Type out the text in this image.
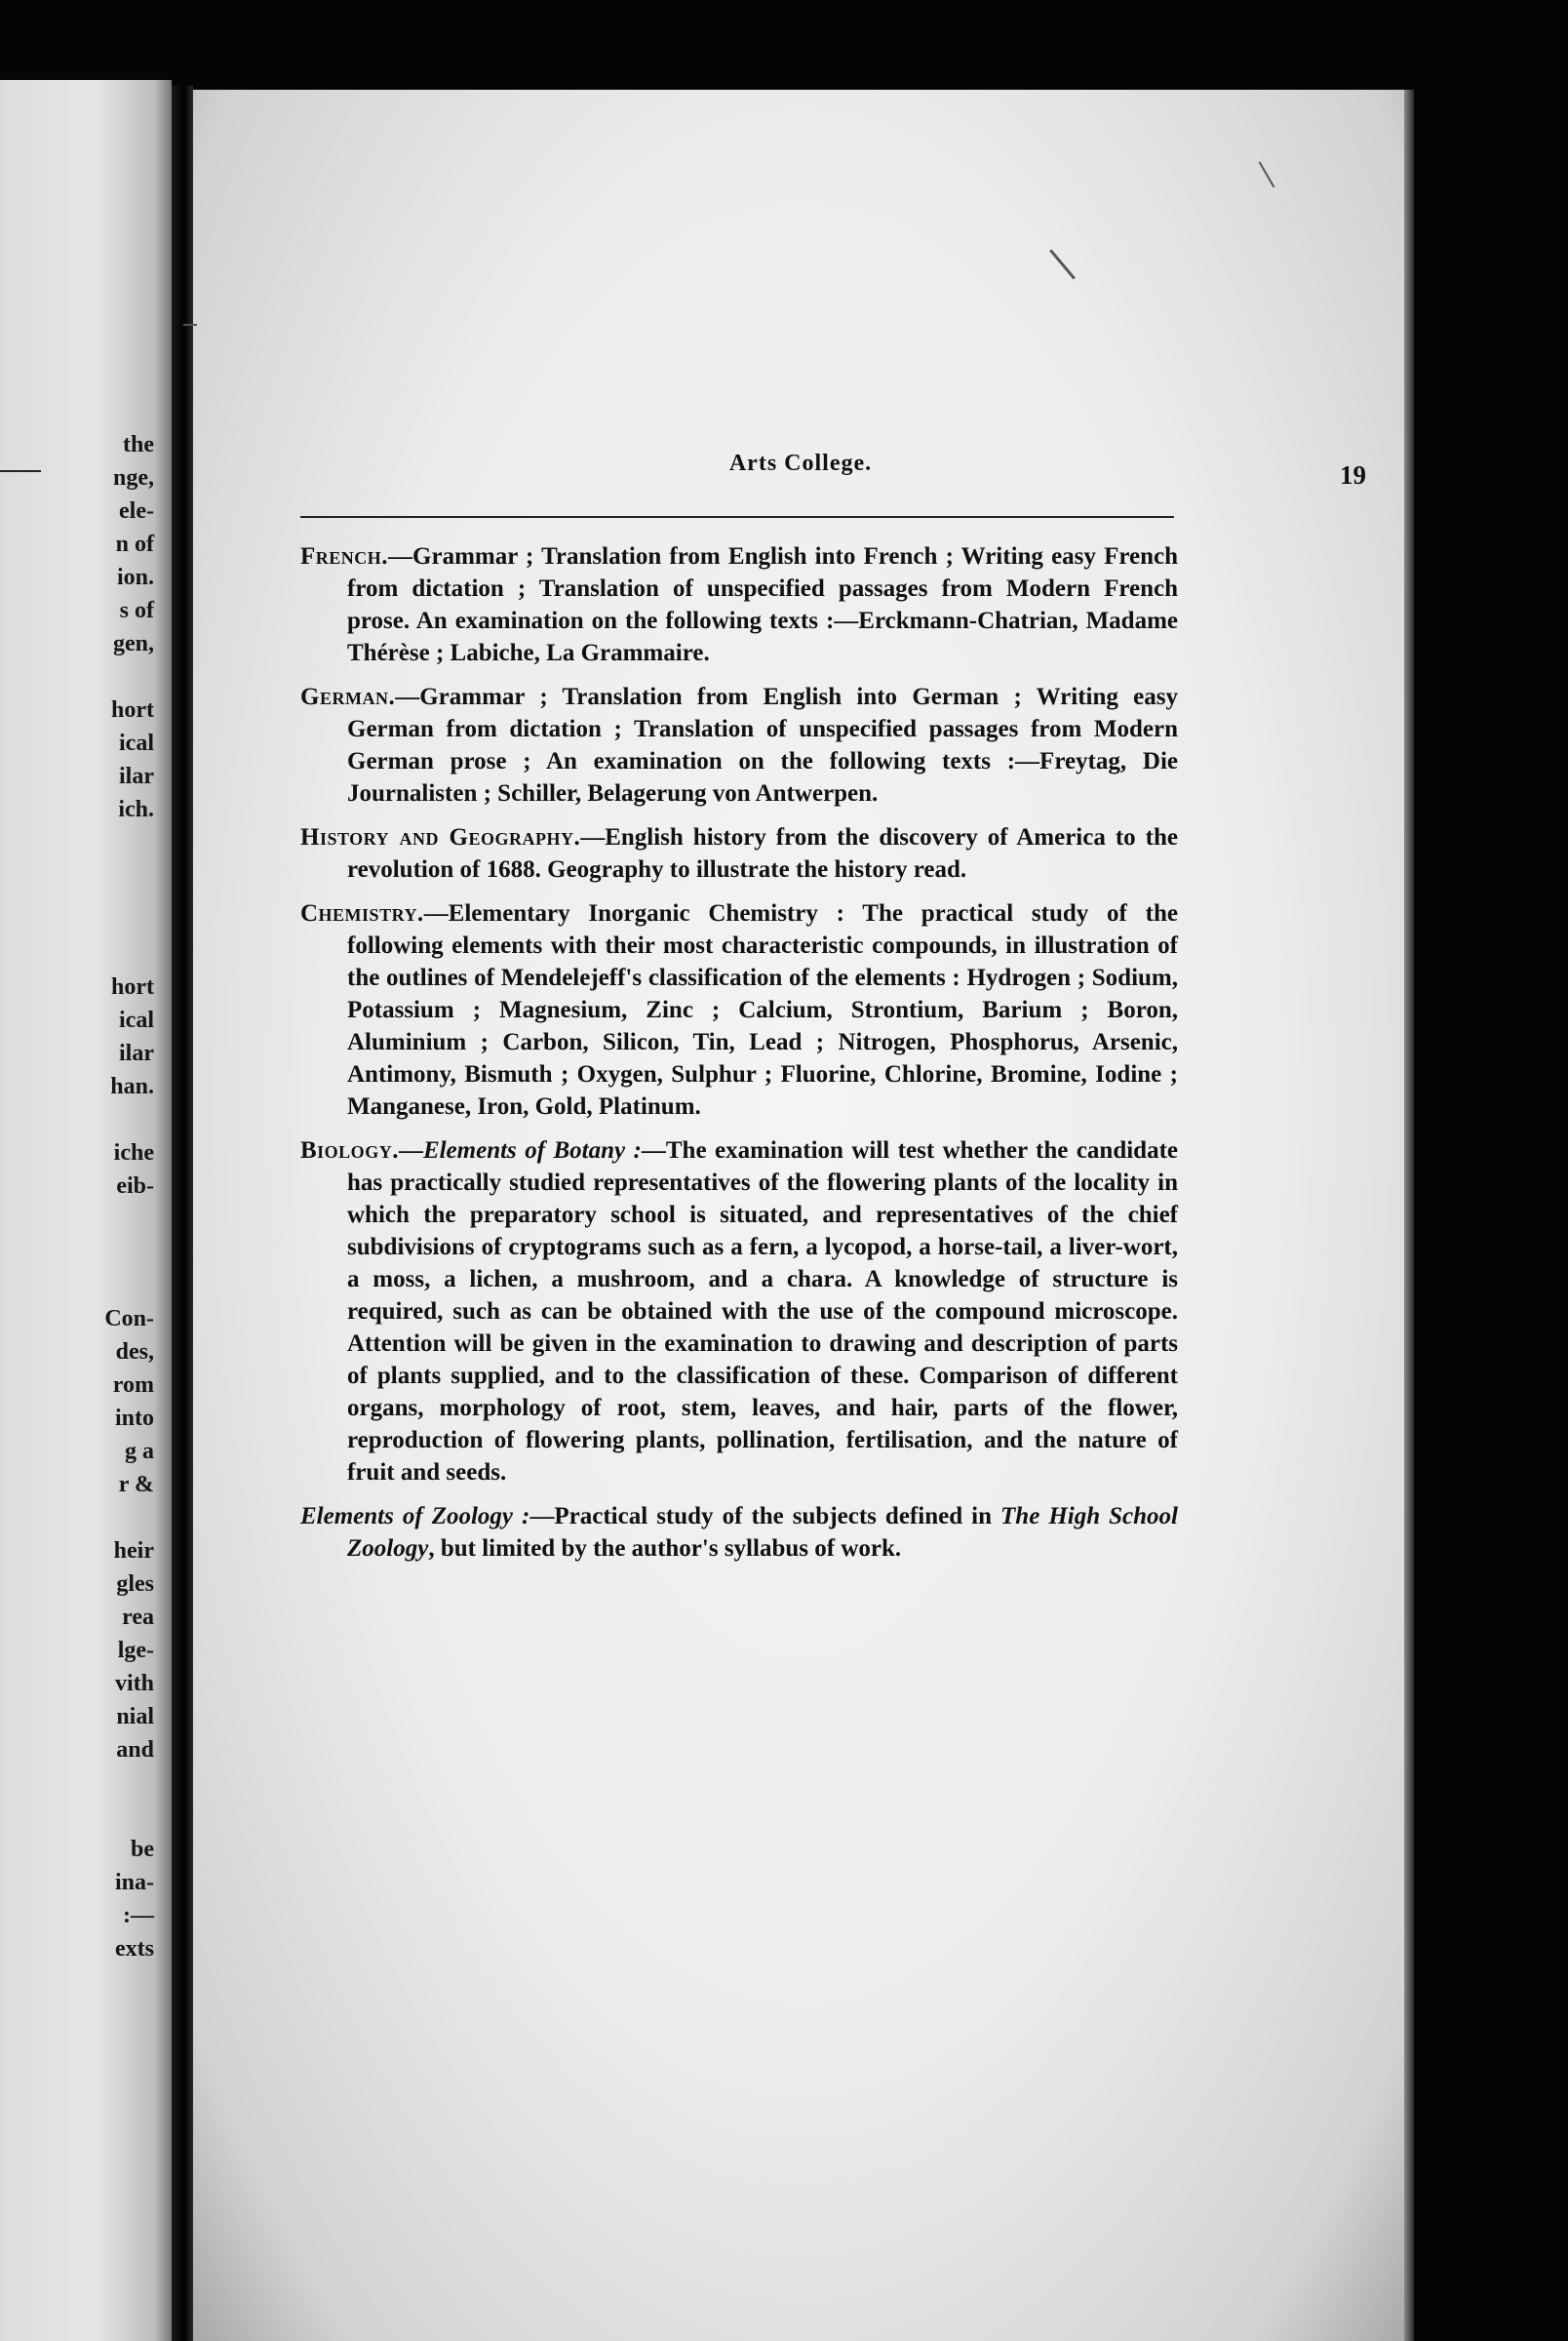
the
nge,
ele-
n of
ion.
s of
gen,
hort
ical
ilar
ich.
hort
ical
ilar
han.
iche
eib-
Con-
des,
rom
into
g a
r &
heir
gles
rea
lge-
vith
nial
and
be
ina-
:—
exts
Arts College.	19

French.—Grammar ; Translation from English into French ; Writing easy French from dictation ; Translation of unspecified passages from Modern French prose. An examination on the following texts :—Erckmann-Chatrian, Madame Thérèse ; Labiche, La Grammaire.

German.—Grammar ; Translation from English into German ; Writing easy German from dictation ; Translation of unspecified passages from Modern German prose ; An examination on the following texts :—Freytag, Die Journalisten ; Schiller, Belagerung von Antwerpen.

History and Geography.—English history from the discovery of America to the revolution of 1688. Geography to illustrate the history read.

Chemistry.—Elementary Inorganic Chemistry : The practical study of the following elements with their most characteristic compounds, in illustration of the outlines of Mendelejeff's classification of the elements : Hydrogen ; Sodium, Potassium ; Magnesium, Zinc ; Calcium, Strontium, Barium ; Boron, Aluminium ; Carbon, Silicon, Tin, Lead ; Nitrogen, Phosphorus, Arsenic, Antimony, Bismuth ; Oxygen, Sulphur ; Fluorine, Chlorine, Bromine, Iodine ; Manganese, Iron, Gold, Platinum.

Biology.—Elements of Botany :—The examination will test whether the candidate has practically studied representatives of the flowering plants of the locality in which the preparatory school is situated, and representatives of the chief subdivisions of cryptograms such as a fern, a lycopod, a horse-tail, a liver-wort, a moss, a lichen, a mushroom, and a chara. A knowledge of structure is required, such as can be obtained with the use of the compound microscope. Attention will be given in the examination to drawing and description of parts of plants supplied, and to the classification of these. Comparison of different organs, morphology of root, stem, leaves, and hair, parts of the flower, reproduction of flowering plants, pollination, fertilisation, and the nature of fruit and seeds.

Elements of Zoology :—Practical study of the subjects defined in The High School Zoology, but limited by the author's syllabus of work.
